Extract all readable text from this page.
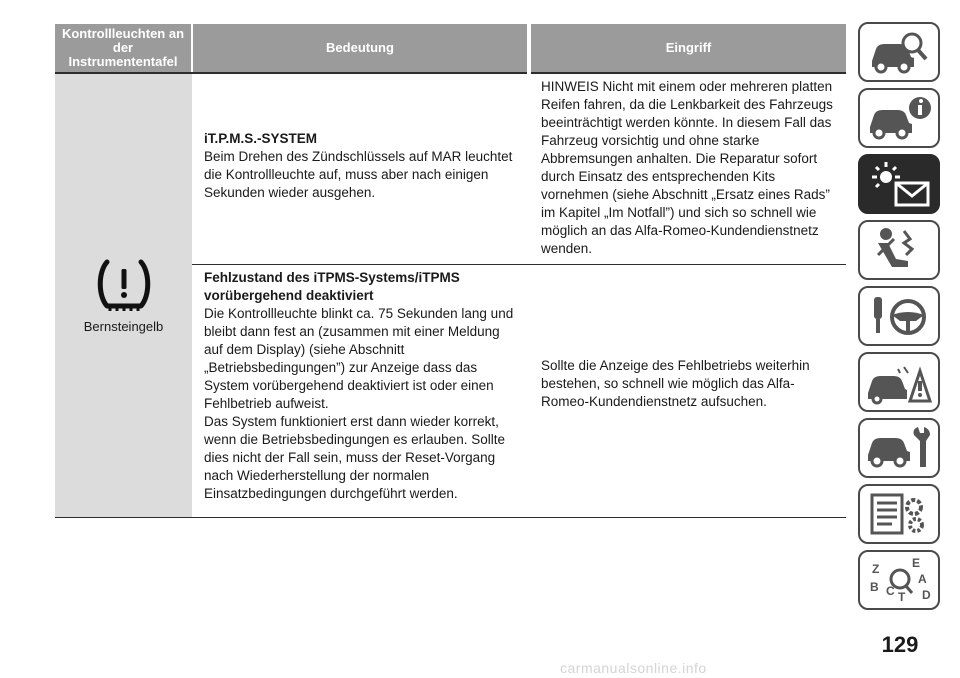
Kontrollleuchten an der Instrumententafel	Bedeutung	Eingriff

Bernsteingelb	iT.P.M.S.-SYSTEM
Beim Drehen des Zündschlüssels auf MAR leuchtet die Kontrollleuchte auf, muss aber nach einigen Sekunden wieder ausgehen.	HINWEIS Nicht mit einem oder mehreren platten Reifen fahren, da die Lenkbarkeit des Fahrzeugs beeinträchtigt werden könnte. In diesem Fall das Fahrzeug vorsichtig und ohne starke Abbremsungen anhalten. Die Reparatur sofort durch Einsatz des entsprechenden Kits vornehmen (siehe Abschnitt „Ersatz eines Rads” im Kapitel „Im Notfall”) und sich so schnell wie möglich an das Alfa-Romeo-Kundendienstnetz wenden.

	Fehlzustand des iTPMS-Systems/iTPMS vorübergehend deaktiviert
Die Kontrollleuchte blinkt ca. 75 Sekunden lang und bleibt dann fest an (zusammen mit einer Meldung auf dem Display) (siehe Abschnitt „Betriebsbedingungen”) zur Anzeige dass das System vorübergehend deaktiviert ist oder einen Fehlbetrieb aufweist.
Das System funktioniert erst dann wieder korrekt, wenn die Betriebsbedingungen es erlauben. Sollte dies nicht der Fall sein, muss der Reset-Vorgang nach Wiederherstellung der normalen Einsatzbedingungen durchgeführt werden.	Sollte die Anzeige des Fehlbetriebs weiterhin bestehen, so schnell wie möglich das Alfa-Romeo-Kundendienstnetz aufsuchen.
Z	E
B
A
C T D
129
carmanualsonline.info
